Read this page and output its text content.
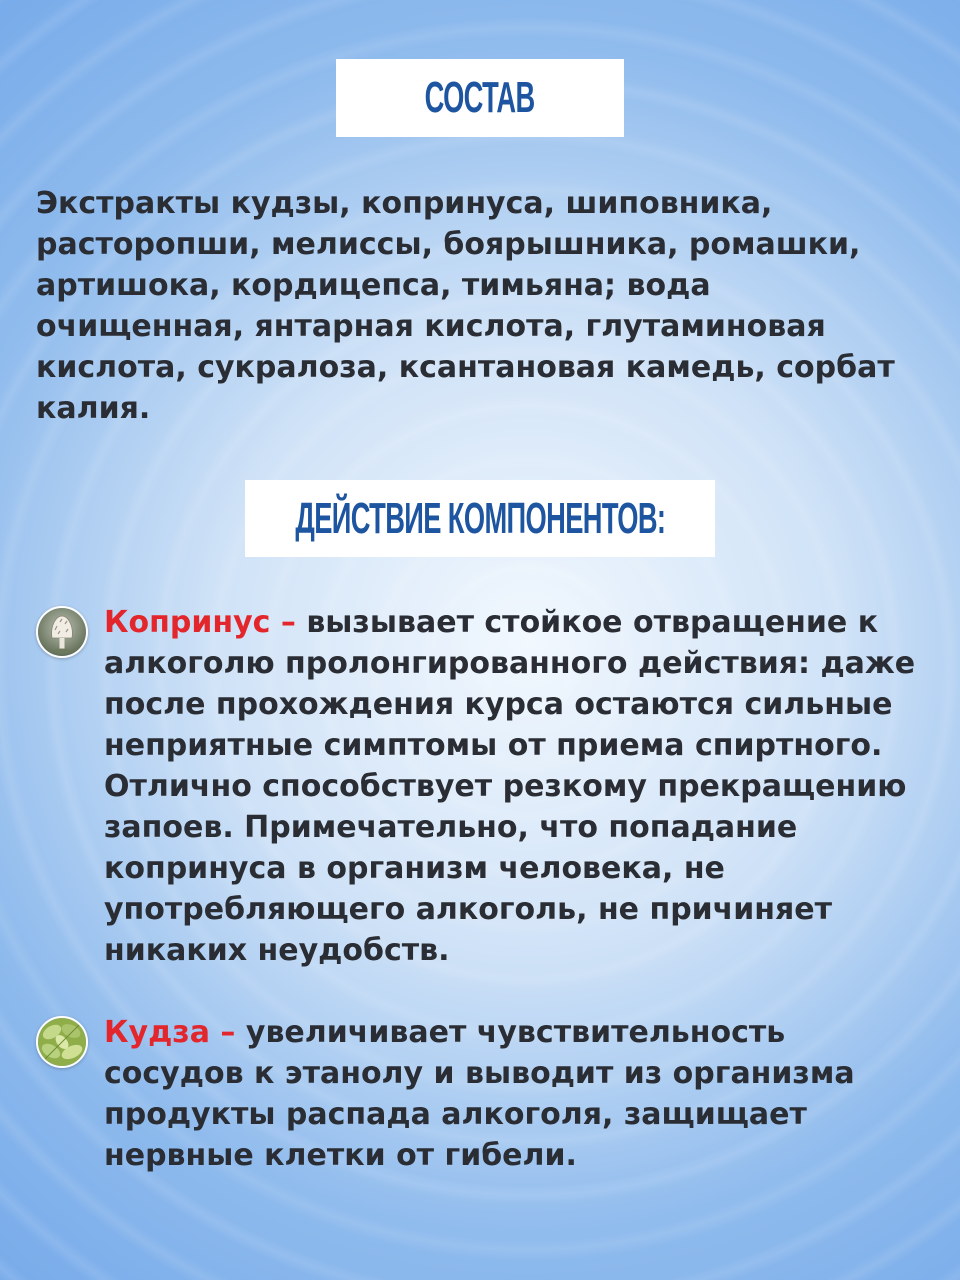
СОСТАВ

Экстракты кудзы, копринуса, шиповника, расторопши, мелиссы, боярышника, ромашки, артишока, кордицепса, тимьяна; вода очищенная, янтарная кислота, глутаминовая кислота, сукралоза, ксантановая камедь, сорбат калия.

ДЕЙСТВИЕ КОМПОНЕНТОВ:

Копринус – вызывает стойкое отвращение к алкоголю пролонгированного действия: даже после прохождения курса остаются сильные неприятные симптомы от приема спиртного. Отлично способствует резкому прекращению запоев. Примечательно, что попадание копринуса в организм человека, не употребляющего алкоголь, не причиняет никаких неудобств.

Кудза – увеличивает чувствительность сосудов к этанолу и выводит из организма продукты распада алкоголя, защищает нервные клетки от гибели.
